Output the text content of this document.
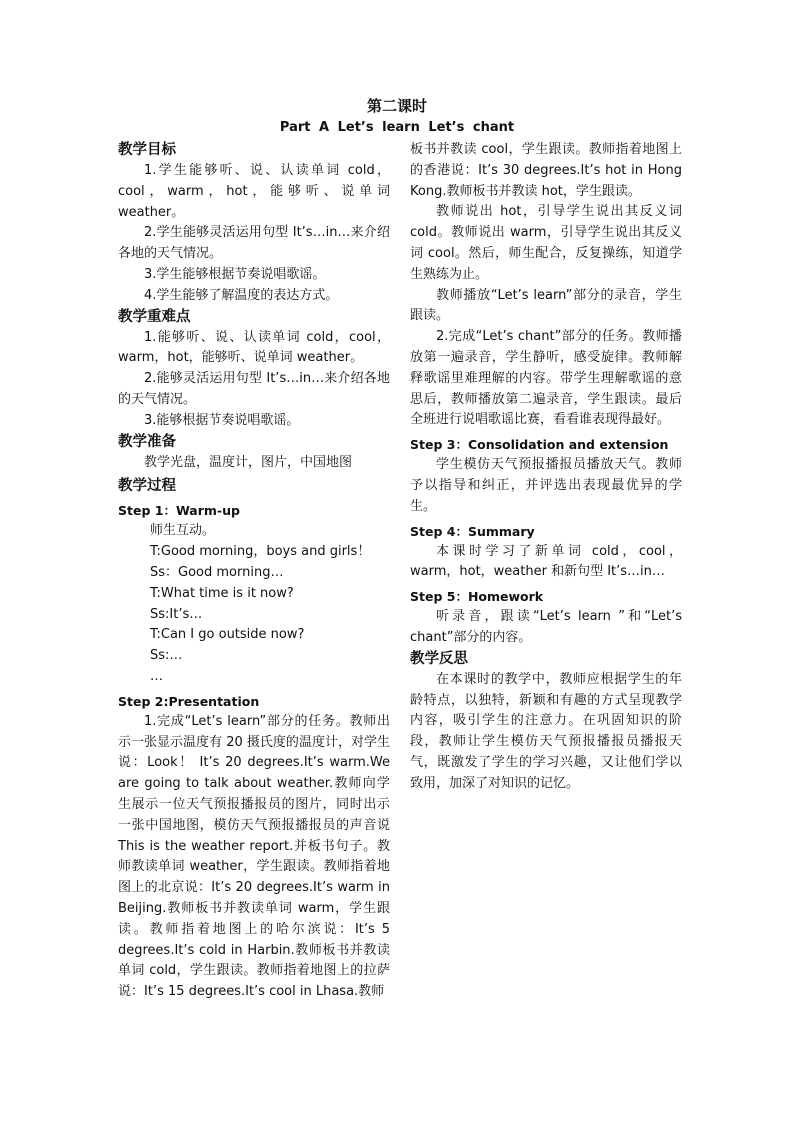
第二课时
Part A Let’s learn Let’s chant
教学目标

1.学生能够听、说、认读单词 cold，cool，warm，hot，能够听、说单词 weather。

2.学生能够灵活运用句型 It’s…in…来介绍各地的天气情况。

3.学生能够根据节奏说唱歌谣。

4.学生能够了解温度的表达方式。

教学重难点

1.能够听、说、认读单词 cold，cool，warm，hot，能够听、说单词 weather。

2.能够灵活运用句型 It’s…in…来介绍各地的天气情况。

3.能够根据节奏说唱歌谣。

教学准备

教学光盘，温度计，图片，中国地图

教学过程
Step 1：Warm-up

师生互动。

T:Good morning，boys and girls！

Ss：Good morning…

T:What time is it now?

Ss:It’s…

T:Can I go outside now?

Ss:…

…

Step 2:Presentation

1.完成“Let’s learn”部分的任务。教师出示一张显示温度有 20 摄氏度的温度计，对学生说：Look！ It’s 20 degrees.It’s warm.We are going to talk about weather.教师向学生展示一位天气预报播报员的图片，同时出示一张中国地图，模仿天气预报播报员的声音说 This is the weather report.并板书句子。教师教读单词 weather，学生跟读。教师指着地图上的北京说：It’s 20 degrees.It’s warm in Beijing.教师板书并教读单词 warm，学生跟读。教师指着地图上的哈尔滨说：It’s 5 degrees.It’s cold in Harbin.教师板书并教读单词 cold，学生跟读。教师指着地图上的拉萨说：It’s 15 degrees.It’s cool in Lhasa.教师

板书并教读 cool，学生跟读。教师指着地图上的香港说：It’s 30 degrees.It’s hot in Hong Kong.教师板书并教读 hot，学生跟读。

教师说出 hot，引导学生说出其反义词 cold。教师说出 warm，引导学生说出其反义词 cool。然后，师生配合，反复操练，知道学生熟练为止。

教师播放“Let’s learn”部分的录音，学生跟读。

2.完成“Let’s chant”部分的任务。教师播放第一遍录音，学生静听，感受旋律。教师解释歌谣里难理解的内容。带学生理解歌谣的意思后，教师播放第二遍录音，学生跟读。最后全班进行说唱歌谣比赛，看看谁表现得最好。

Step 3：Consolidation and extension

学生模仿天气预报播报员播放天气。教师予以指导和纠正，并评选出表现最优异的学生。

Step 4：Summary

本课时学习了新单词 cold，cool，warm，hot，weather 和新句型 It’s…in…

Step 5：Homework

听录音，跟读“Let’s learn ”和“Let’s chant”部分的内容。

教学反思

在本课时的教学中，教师应根据学生的年龄特点，以独特，新颖和有趣的方式呈现教学内容，吸引学生的注意力。在巩固知识的阶段，教师让学生模仿天气预报播报员播报天气，既激发了学生的学习兴趣，又让他们学以致用，加深了对知识的记忆。
